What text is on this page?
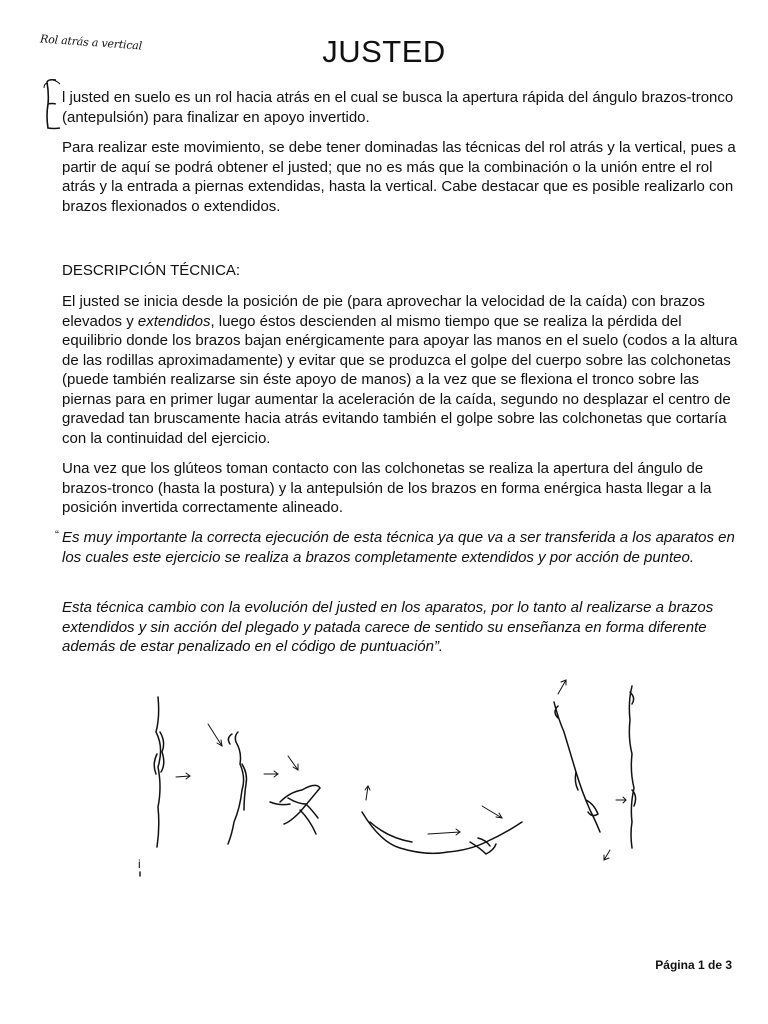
Rol atrás a vertical	JUSTED

l justed en suelo es un rol hacia atrás en el cual se busca la apertura rápida del ángulo brazos-tronco (antepulsión) para finalizar en apoyo invertido.

Para realizar este movimiento, se debe tener dominadas las técnicas del rol atrás y la vertical, pues a partir de aquí se podrá obtener el justed; que no es más que la combinación o la unión entre el rol atrás y la entrada a piernas extendidas, hasta la vertical. Cabe destacar que es posible realizarlo con brazos flexionados o extendidos.

DESCRIPCIÓN TÉCNICA:

El justed se inicia desde la posición de pie (para aprovechar la velocidad de la caída) con brazos elevados y extendidos, luego éstos descienden al mismo tiempo que se realiza la pérdida del equilibrio donde los brazos bajan enérgicamente para apoyar las manos en el suelo (codos a la altura de las rodillas aproximadamente) y evitar que se produzca el golpe del cuerpo sobre las colchonetas (puede también realizarse sin éste apoyo de manos) a la vez que se flexiona el tronco sobre las piernas para en primer lugar aumentar la aceleración de la caída, segundo no desplazar el centro de gravedad tan bruscamente hacia atrás evitando también el golpe sobre las colchonetas que cortaría con la continuidad del ejercicio.

Una vez que los glúteos toman contacto con las colchonetas se realiza la apertura del ángulo de brazos-tronco (hasta la postura) y la antepulsión de los brazos en forma enérgica hasta llegar a la posición invertida correctamente alineado.

“ Es muy importante la correcta ejecución de esta técnica ya que va a ser transferida a los aparatos en los cuales este ejercicio se realiza a brazos completamente extendidos y por acción de punteo.

Esta técnica cambio con la evolución del justed en los aparatos, por lo tanto al realizarse a brazos extendidos y sin acción del plegado y patada carece de sentido su enseñanza en forma diferente además de estar penalizado en el código de puntuación”.

i
Página 1 de 3
